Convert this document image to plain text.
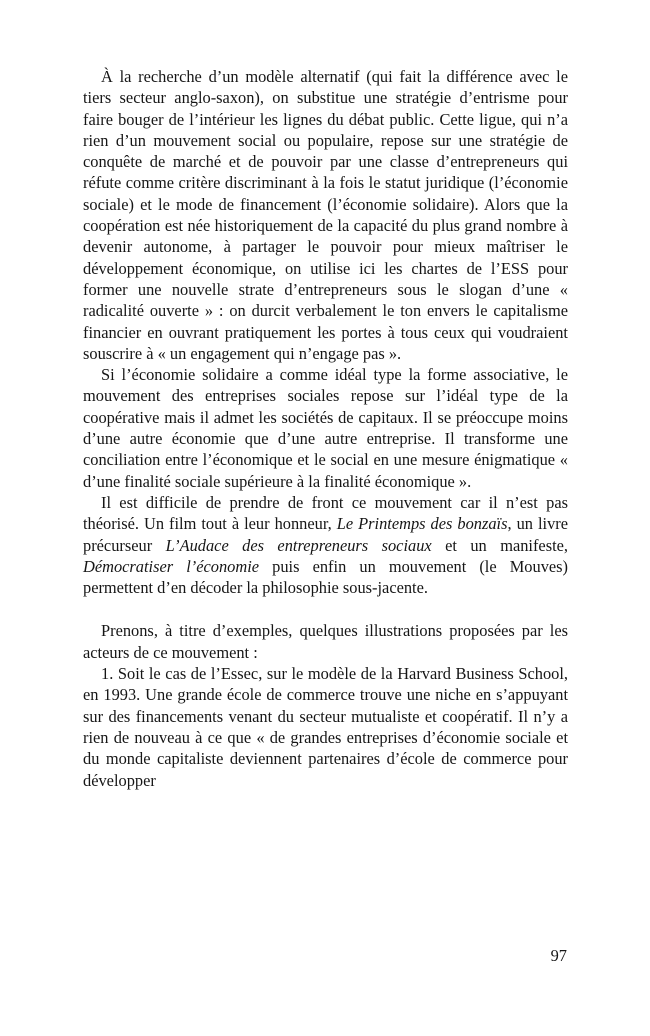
À la recherche d’un modèle alternatif (qui fait la différence avec le tiers secteur anglo-saxon), on substitue une stratégie d’entrisme pour faire bouger de l’intérieur les lignes du débat public. Cette ligue, qui n’a rien d’un mouvement social ou populaire, repose sur une stratégie de conquête de marché et de pouvoir par une classe d’entrepreneurs qui réfute comme critère discriminant à la fois le statut juridique (l’économie sociale) et le mode de financement (l’économie solidaire). Alors que la coopération est née historiquement de la capacité du plus grand nombre à devenir autonome, à partager le pouvoir pour mieux maîtriser le développement économique, on utilise ici les chartes de l’ESS pour former une nouvelle strate d’entrepreneurs sous le slogan d’une « radicalité ouverte » : on durcit verbalement le ton envers le capitalisme financier en ouvrant pratiquement les portes à tous ceux qui voudraient souscrire à « un engagement qui n’engage pas ».

Si l’économie solidaire a comme idéal type la forme associative, le mouvement des entreprises sociales repose sur l’idéal type de la coopérative mais il admet les sociétés de capitaux. Il se préoccupe moins d’une autre économie que d’une autre entreprise. Il transforme une conciliation entre l’économique et le social en une mesure énigmatique « d’une finalité sociale supérieure à la finalité économique ».

Il est difficile de prendre de front ce mouvement car il n’est pas théorisé. Un film tout à leur honneur, Le Printemps des bonzaïs, un livre précurseur L’Audace des entrepreneurs sociaux et un manifeste, Démocratiser l’économie puis enfin un mouvement (le Mouves) permettent d’en décoder la philosophie sous-jacente.

Prenons, à titre d’exemples, quelques illustrations proposées par les acteurs de ce mouvement :

1. Soit le cas de l’Essec, sur le modèle de la Harvard Business School, en 1993. Une grande école de commerce trouve une niche en s’appuyant sur des financements venant du secteur mutualiste et coopératif. Il n’y a rien de nouveau à ce que « de grandes entreprises d’économie sociale et du monde capitaliste deviennent partenaires d’école de commerce pour développer

97
